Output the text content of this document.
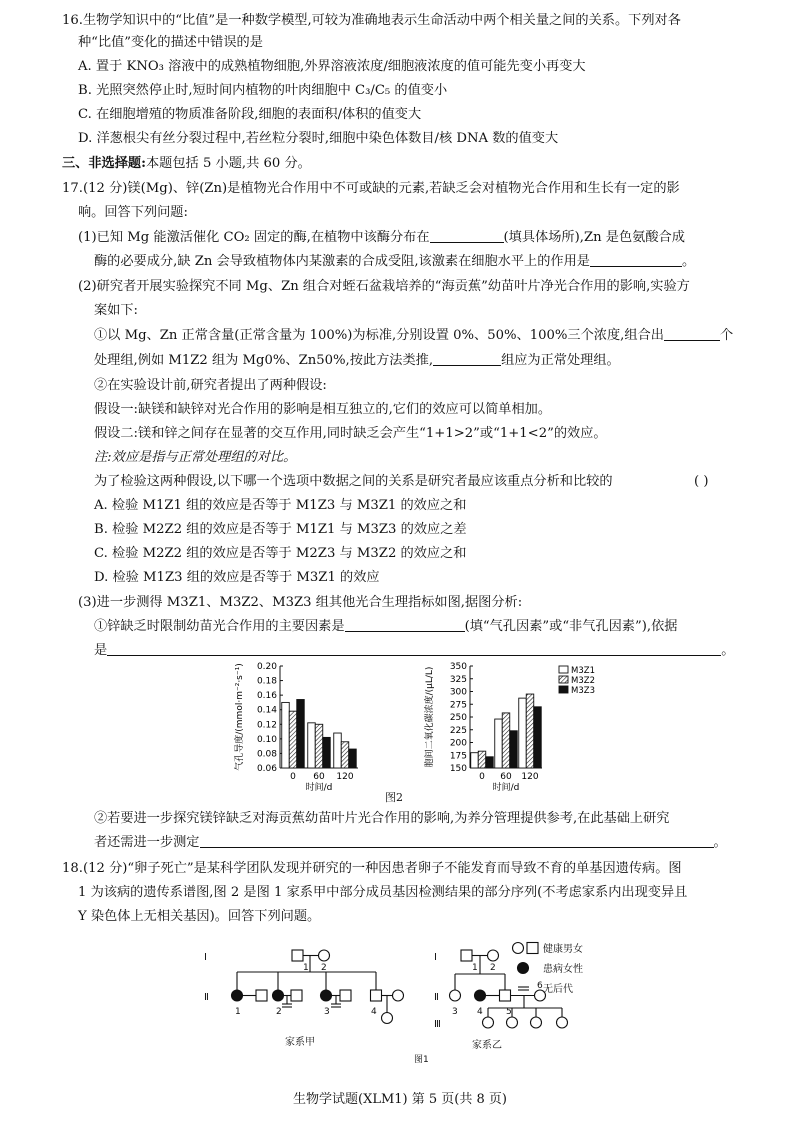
16.生物学知识中的“比值”是一种数学模型,可较为准确地表示生命活动中两个相关量之间的关系。下列对各
种“比值”变化的描述中错误的是
A. 置于 KNO₃ 溶液中的成熟植物细胞,外界溶液浓度/细胞液浓度的值可能先变小再变大
B. 光照突然停止时,短时间内植物的叶肉细胞中 C₃/C₅ 的值变小
C. 在细胞增殖的物质准备阶段,细胞的表面积/体积的值变大
D. 洋葱根尖有丝分裂过程中,若丝粒分裂时,细胞中染色体数目/核 DNA 数的值变大
三、非选择题:本题包括 5 小题,共 60 分。
17.(12 分)镁(Mg)、锌(Zn)是植物光合作用中不可或缺的元素,若缺乏会对植物光合作用和生长有一定的影
响。回答下列问题:
(1)已知 Mg 能激活催化 CO₂ 固定的酶,在植物中该酶分布在	(填具体场所),Zn 是色氨酸合成
酶的必要成分,缺 Zn 会导致植物体内某激素的合成受阻,该激素在细胞水平上的作用是	。
(2)研究者开展实验探究不同 Mg、Zn 组合对蛭石盆栽培养的“海贡蕉”幼苗叶片净光合作用的影响,实验方
案如下:
①以 Mg、Zn 正常含量(正常含量为 100%)为标准,分别设置 0%、50%、100%三个浓度,组合出	个
处理组,例如 M1Z2 组为 Mg0%、Zn50%,按此方法类推,	组应为正常处理组。
②在实验设计前,研究者提出了两种假设:
假设一:缺镁和缺锌对光合作用的影响是相互独立的,它们的效应可以简单相加。
假设二:镁和锌之间存在显著的交互作用,同时缺乏会产生“1+1>2”或“1+1<2”的效应。
注:效应是指与正常处理组的对比。
为了检验这两种假设,以下哪一个选项中数据之间的关系是研究者最应该重点分析和比较的	( )
A. 检验 M1Z1 组的效应是否等于 M1Z3 与 M3Z1 的效应之和
B. 检验 M2Z2 组的效应是否等于 M1Z1 与 M3Z3 的效应之差
C. 检验 M2Z2 组的效应是否等于 M2Z3 与 M3Z2 的效应之和
D. 检验 M1Z3 组的效应是否等于 M3Z1 的效应
(3)进一步测得 M3Z1、M3Z2、M3Z3 组其他光合生理指标如图,据图分析:
①锌缺乏时限制幼苗光合作用的主要因素是	(填“气孔因素”或“非气孔因素”),依据
是	。
气孔导度/(mmol·m⁻²·s⁻¹) 0.06
0.08
0.10
0.12
0.14
0.16
0.18
0.20
0 60 120
时间/d
胞间二氧化碳浓度/(μL/L)
150
175
200
225
250
275
300
325
350
0 60 120
时间/d
M3Z1
M3Z2
M3Z3
图2
②若要进一步探究镁锌缺乏对海贡蕉幼苗叶片光合作用的影响,为养分管理提供参考,在此基础上研究
者还需进一步测定	。
18.(12 分)“卵子死亡”是某科学团队发现并研究的一种因患者卵子不能发育而导致不育的单基因遗传病。图
1 为该病的遗传系谱图,图 2 是图 1 家系甲中部分成员基因检测结果的部分序列(不考虑家系内出现变异且
Y 染色体上无相关基因)。回答下列问题。
健康男女
患病女性
无后代
Ⅰ
Ⅱ
1 2
1	2	3	4
家系甲
Ⅰ
Ⅱ
Ⅲ
1 2
3 4	5
6
家系乙
图1
生物学试题(XLM1) 第 5 页(共 8 页)
